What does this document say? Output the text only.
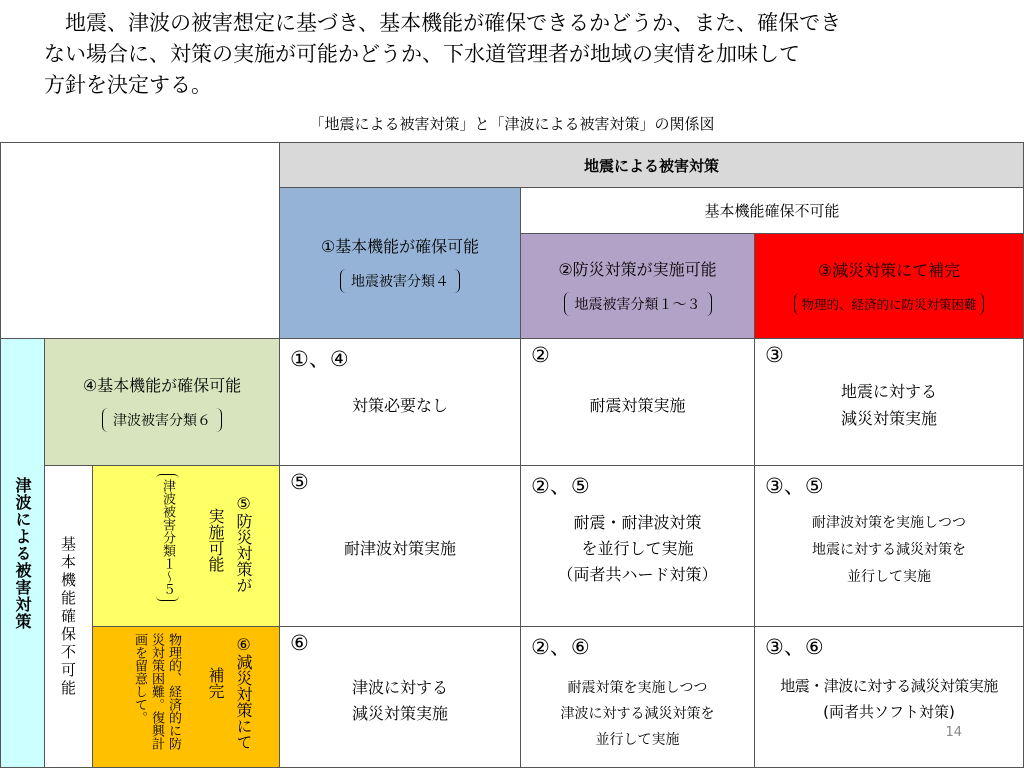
地震、津波の被害想定に基づき、基本機能が確保できるかどうか、また、確保でき
ない場合に、対策の実施が可能かどうか、下水道管理者が地域の実情を加味して
方針を決定する。

「地震による被害対策」と「津波による被害対策」の関係図
地震による被害対策
①基本機能が確保可能
地震被害分類４
基本機能確保不可能
②防災対策が実施可能
地震被害分類１～３
③減災対策にて補完
物理的、経済的に防災対策困難
津波による被害対策
④基本機能が確保可能
津波被害分類６
基本機能確保不可能	⑤防災対策が
実施可能
津波被害分類１～５
⑥減災対策にて
補完
物理的、経済的に防
災対策困難。復興計
画を留意して。
①、④
対策必要なし
②
耐震対策実施
③
地震に対する
減災対策実施
⑤
耐津波対策実施
②、⑤
耐震・耐津波対策
を並行して実施
（両者共ハード対策）
③、⑤
耐津波対策を実施しつつ
地震に対する減災対策を
並行して実施
⑥
津波に対する
減災対策実施
②、⑥
耐震対策を実施しつつ
津波に対する減災対策を
並行して実施
③、⑥
地震・津波に対する減災対策実施
(両者共ソフト対策)
14
